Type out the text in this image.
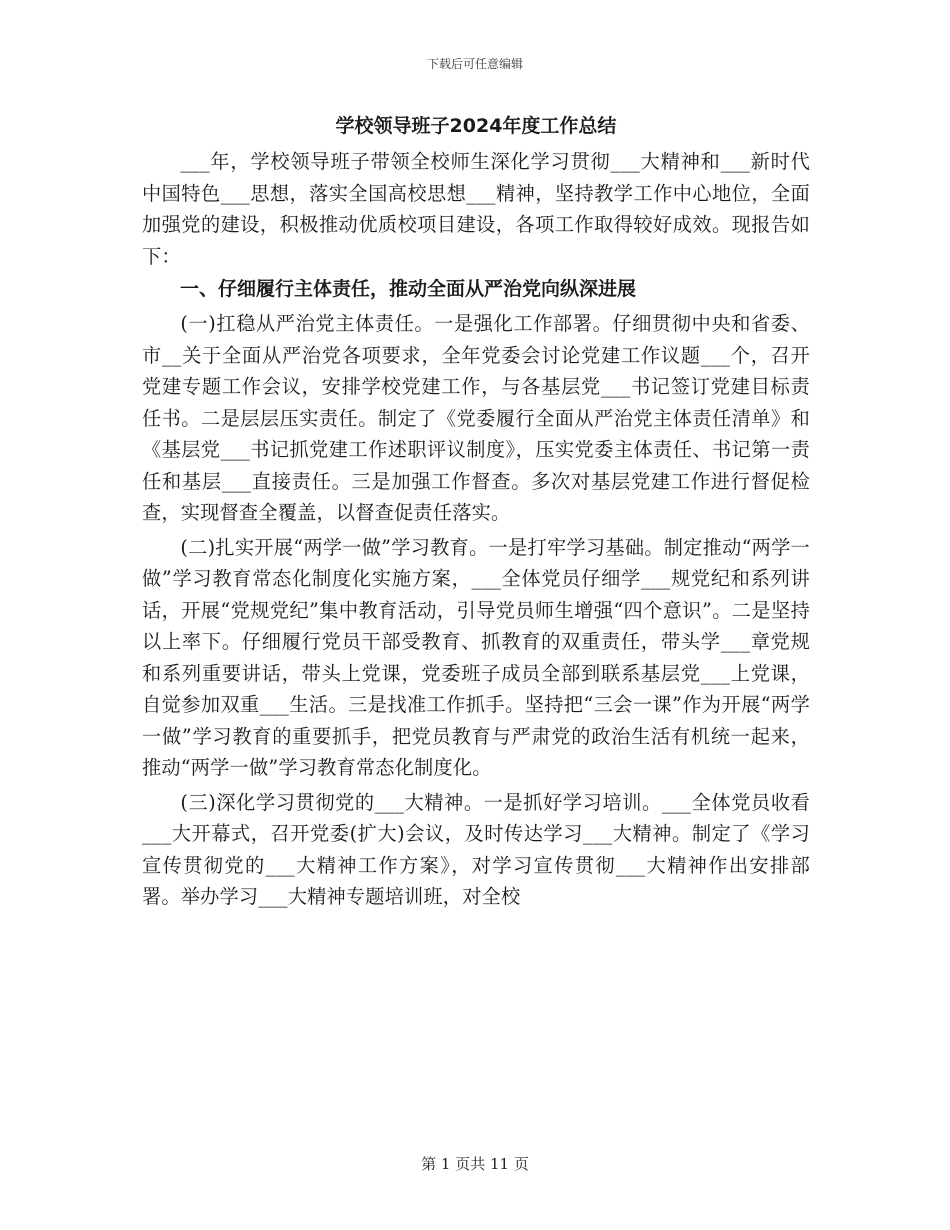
下载后可任意编辑
学校领导班子2024年度工作总结

___年，学校领导班子带领全校师生深化学习贯彻___大精神和___新时代中国特色___思想，落实全国高校思想___精神，坚持教学工作中心地位，全面加强党的建设，积极推动优质校项目建设，各项工作取得较好成效。现报告如下：

一、仔细履行主体责任，推动全面从严治党向纵深进展

(一)扛稳从严治党主体责任。一是强化工作部署。仔细贯彻中央和省委、市__关于全面从严治党各项要求，全年党委会讨论党建工作议题___个，召开党建专题工作会议，安排学校党建工作，与各基层党___书记签订党建目标责任书。二是层层压实责任。制定了《党委履行全面从严治党主体责任清单》和《基层党___书记抓党建工作述职评议制度》，压实党委主体责任、书记第一责任和基层___直接责任。三是加强工作督查。多次对基层党建工作进行督促检查，实现督查全覆盖，以督查促责任落实。

(二)扎实开展“两学一做”学习教育。一是打牢学习基础。制定推动“两学一做”学习教育常态化制度化实施方案，___全体党员仔细学___规党纪和系列讲话，开展“党规党纪”集中教育活动，引导党员师生增强“四个意识”。二是坚持以上率下。仔细履行党员干部受教育、抓教育的双重责任，带头学___章党规和系列重要讲话，带头上党课，党委班子成员全部到联系基层党___上党课，自觉参加双重___生活。三是找准工作抓手。坚持把“三会一课”作为开展“两学一做”学习教育的重要抓手，把党员教育与严肃党的政治生活有机统一起来，推动“两学一做”学习教育常态化制度化。

(三)深化学习贯彻党的___大精神。一是抓好学习培训。___全体党员收看___大开幕式，召开党委(扩大)会议，及时传达学习___大精神。制定了《学习宣传贯彻党的___大精神工作方案》，对学习宣传贯彻___大精神作出安排部署。举办学习___大精神专题培训班，对全校

第 1 页共 11 页
